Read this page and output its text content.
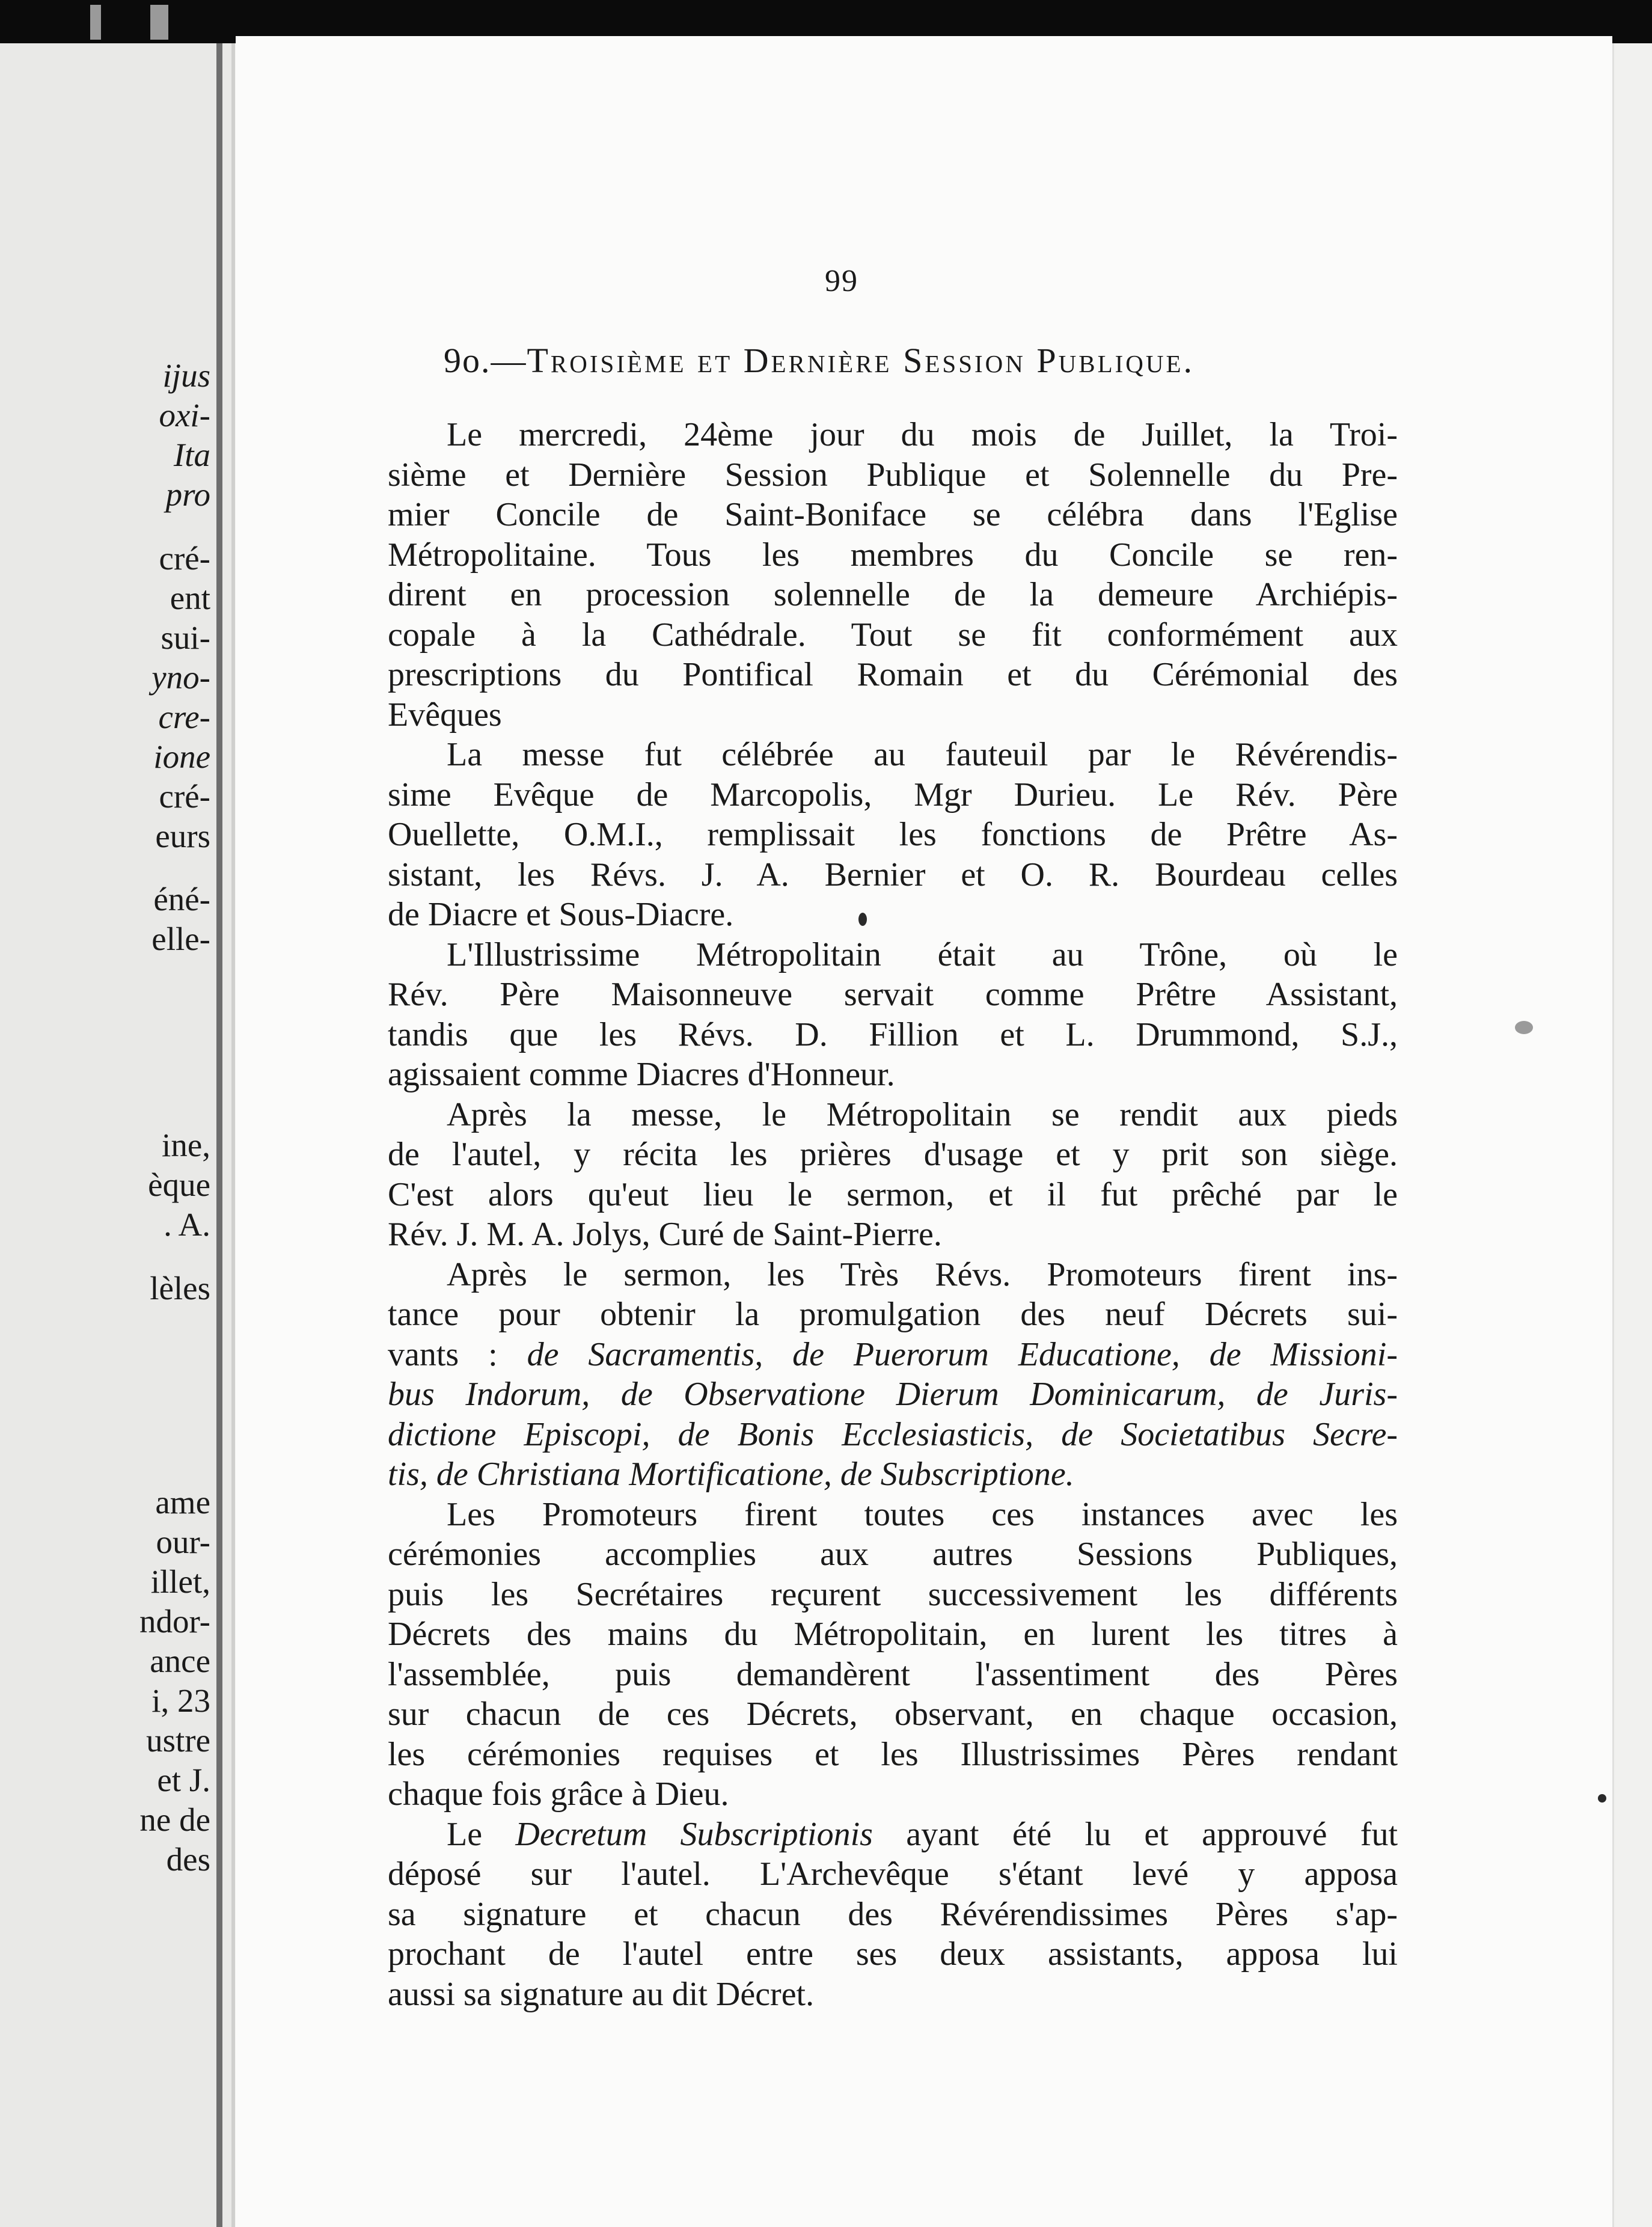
ijus
oxi-
Ita
pro
cré-
ent
sui-
yno-
cre-
ione
cré-
eurs
éné-
elle-
ine,
èque
. A.
lèles
ame
our-
illet,
ndor-
ance
i, 23
ustre
et J.
ne de
des
99
9o.—Troisième et Dernière Session Publique.
Le mercredi, 24ème jour du mois de Juillet, la Troi-
sième et Dernière Session Publique et Solennelle du Pre-
mier Concile de Saint-Boniface se célébra dans l'Eglise
Métropolitaine. Tous les membres du Concile se ren-
dirent en procession solennelle de la demeure Archiépis-
copale à la Cathédrale. Tout se fit conformément aux
prescriptions du Pontifical Romain et du Cérémonial des
Evêques
La messe fut célébrée au fauteuil par le Révérendis-
sime Evêque de Marcopolis, Mgr Durieu. Le Rév. Père
Ouellette, O.M.I., remplissait les fonctions de Prêtre As-
sistant, les Révs. J. A. Bernier et O. R. Bourdeau celles
de Diacre et Sous-Diacre.
L'Illustrissime Métropolitain était au Trône, où le
Rév. Père Maisonneuve servait comme Prêtre Assistant,
tandis que les Révs. D. Fillion et L. Drummond, S.J.,
agissaient comme Diacres d'Honneur.
Après la messe, le Métropolitain se rendit aux pieds
de l'autel, y récita les prières d'usage et y prit son siège.
C'est alors qu'eut lieu le sermon, et il fut prêché par le
Rév. J. M. A. Jolys, Curé de Saint-Pierre.
Après le sermon, les Très Révs. Promoteurs firent ins-
tance pour obtenir la promulgation des neuf Décrets sui-
vants : de Sacramentis, de Puerorum Educatione, de Missioni-
bus Indorum, de Observatione Dierum Dominicarum, de Juris-
dictione Episcopi, de Bonis Ecclesiasticis, de Societatibus Secre-
tis, de Christiana Mortificatione, de Subscriptione.
Les Promoteurs firent toutes ces instances avec les
cérémonies accomplies aux autres Sessions Publiques,
puis les Secrétaires reçurent successivement les différents
Décrets des mains du Métropolitain, en lurent les titres à
l'assemblée, puis demandèrent l'assentiment des Pères
sur chacun de ces Décrets, observant, en chaque occasion,
les cérémonies requises et les Illustrissimes Pères rendant
chaque fois grâce à Dieu.
Le Decretum Subscriptionis ayant été lu et approuvé fut
déposé sur l'autel. L'Archevêque s'étant levé y apposa
sa signature et chacun des Révérendissimes Pères s'ap-
prochant de l'autel entre ses deux assistants, apposa lui
aussi sa signature au dit Décret.
